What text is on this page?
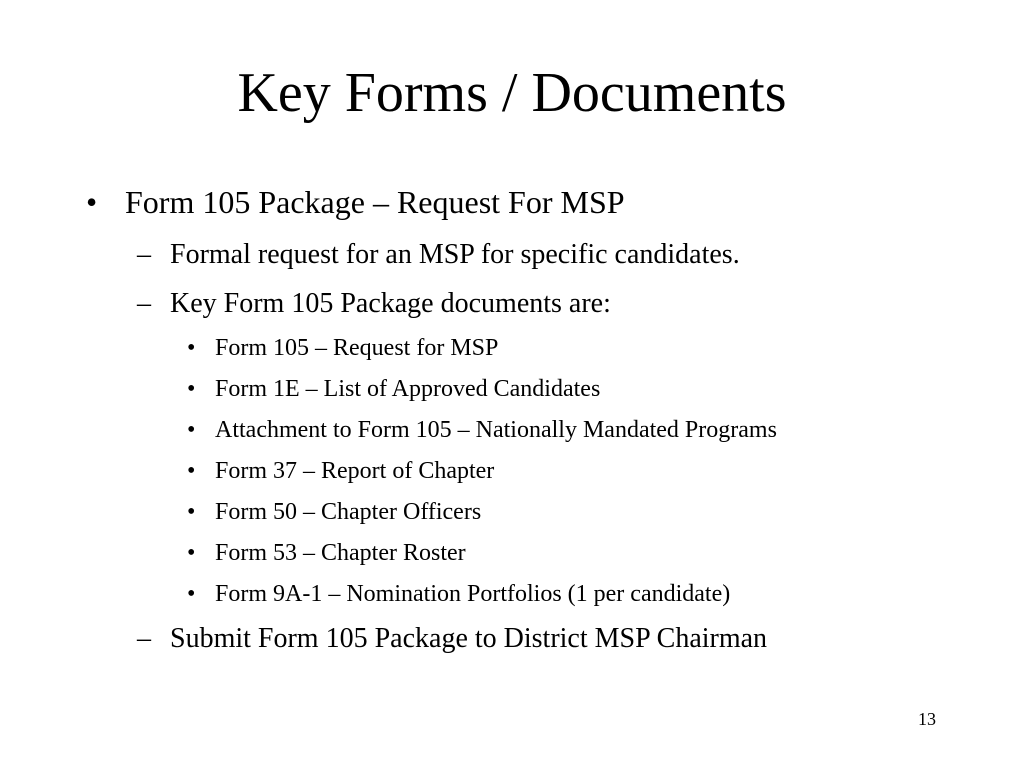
Key Forms / Documents
• Form 105 Package – Request For MSP
– Formal request for an MSP for specific candidates.
– Key Form 105 Package documents are:
• Form 105 – Request for MSP
• Form 1E – List of Approved Candidates
• Attachment to Form 105 – Nationally Mandated Programs
• Form 37 – Report of Chapter
• Form 50 – Chapter Officers
• Form 53 – Chapter Roster
• Form 9A-1 – Nomination Portfolios (1 per candidate)
– Submit Form 105 Package to District MSP Chairman
13
